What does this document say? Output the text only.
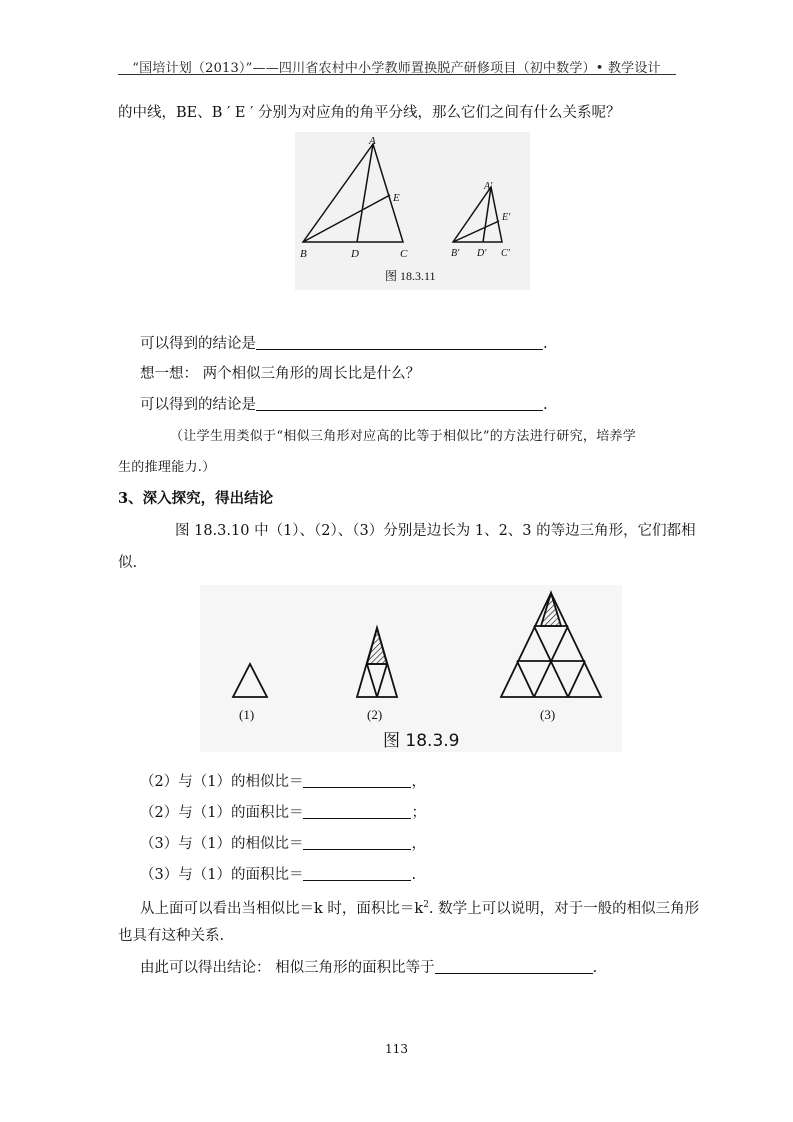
“国培计划（2013）”——四川省农村中小学教师置换脱产研修项目（初中数学）• 教学设计
的中线，BE、B ′ E ′ 分别为对应角的角平分线，那么它们之间有什么关系呢？
A
E
B	D	C
A′
E′
B′ D′ C′
图 18.3.11
可以得到的结论是	.
想一想： 两个相似三角形的周长比是什么？
可以得到的结论是	.
（让学生用类似于“相似三角形对应高的比等于相似比”的方法进行研究，培养学
生的推理能力.）
3、深入探究，得出结论
图 18.3.10 中（1）、（2）、（3）分别是边长为 1、2、3 的等边三角形，它们都相
似.
(1)	(2)	(3)
图 18.3.9
（2）与（1）的相似比＝	，
（2）与（1）的面积比＝	；
（3）与（1）的相似比＝	，
（3）与（1）的面积比＝	.
从上面可以看出当相似比＝k 时，面积比$=k^2$. 数学上可以说明，对于一般的相似三角形
也具有这种关系.
由此可以得出结论： 相似三角形的面积比等于	.
113
